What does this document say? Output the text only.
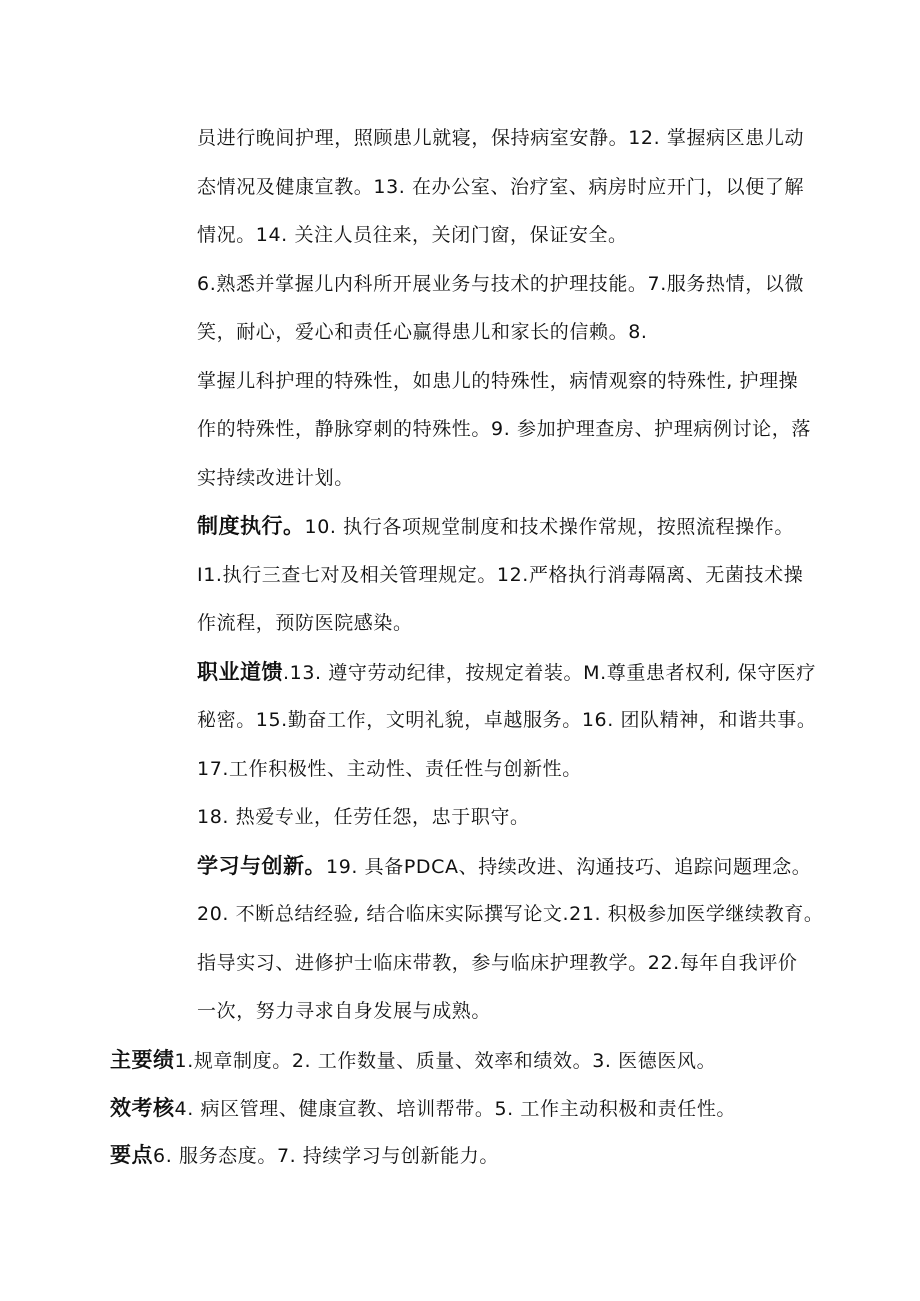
员进行晚间护理，照顾患儿就寝，保持病室安静。12. 掌握病区患儿动
态情况及健康宣教。13. 在办公室、治疗室、病房时应开门，以便了解
情况。14. 关注人员往来，关闭门窗，保证安全。
6.熟悉并掌握儿内科所开展业务与技术的护理技能。7.服务热情，以微
笑，耐心，爱心和责任心赢得患儿和家长的信赖。8.
掌握儿科护理的特殊性，如患儿的特殊性，病情观察的特殊性, 护理操
作的特殊性，静脉穿刺的特殊性。9. 参加护理查房、护理病例讨论，落
实持续改进计划。
制度执行。10. 执行各项规堂制度和技术操作常规，按照流程操作。
I1.执行三查七对及相关管理规定。12.严格执行消毒隔离、无菌技术操
作流程，预防医院感染。
职业道馈.13. 遵守劳动纪律，按规定着装。M.尊重患者权利, 保守医疗
秘密。15.勤奋工作，文明礼貌，卓越服务。16. 团队精神，和谐共事。
17.工作积极性、主动性、责任性与创新性。
18. 热爱专业，任劳任怨，忠于职守。
学习与创新。19. 具备PDCA、持续改进、沟通技巧、追踪问题理念。
20. 不断总结经验, 结合临床实际撰写论文.21. 积极参加医学继续教育。
指导实习、进修护士临床带教，参与临床护理教学。22.每年自我评价
一次，努力寻求自身发展与成熟。
主要绩1.规章制度。2. 工作数量、质量、效率和绩效。3. 医德医风。
效考核4. 病区管理、健康宣教、培训帮带。5. 工作主动积极和责任性。
要点6. 服务态度。7. 持续学习与创新能力。
